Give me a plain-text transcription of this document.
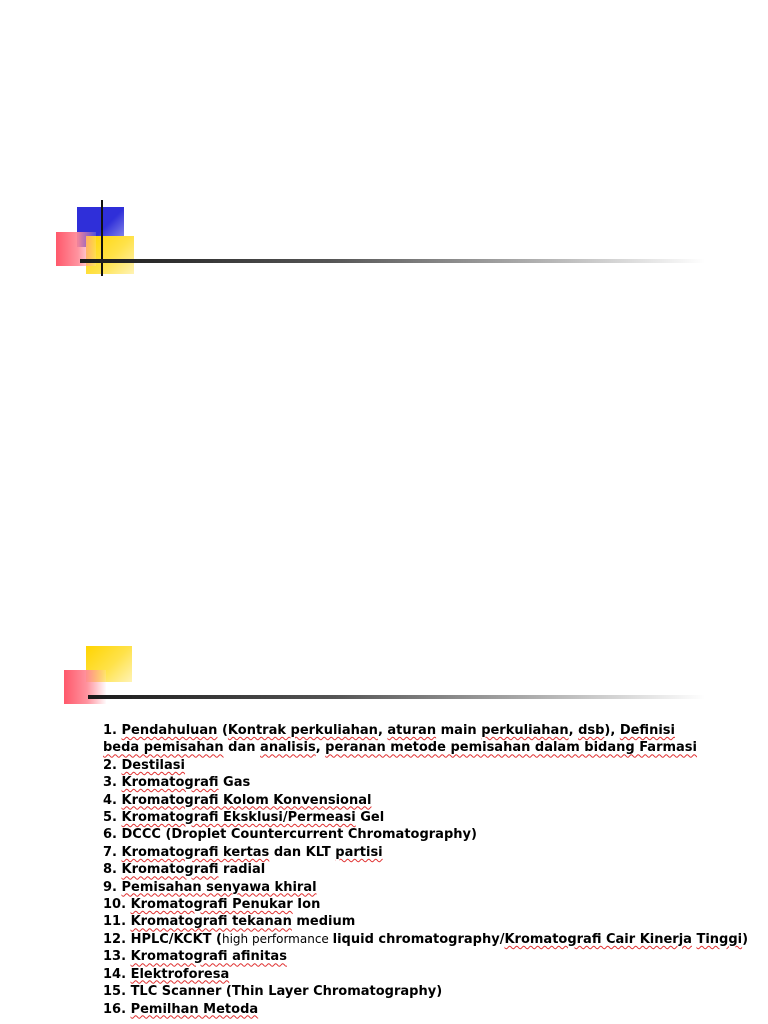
1. Pendahuluan (Kontrak perkuliahan, aturan main perkuliahan, dsb), Definisi beda pemisahan dan analisis, peranan metode pemisahan dalam bidang Farmasi
2. Destilasi
3. Kromatografi Gas
4. Kromatografi Kolom Konvensional
5. Kromatografi Eksklusi/Permeasi Gel
6. DCCC (Droplet Countercurrent Chromatography)
7. Kromatografi kertas dan KLT partisi
8. Kromatografi radial
9. Pemisahan senyawa khiral
10. Kromatografi Penukar Ion
11. Kromatografi tekanan medium
12. HPLC/KCKT (high performance liquid chromatography/Kromatografi Cair Kinerja Tinggi)
13. Kromatografi afinitas
14. Elektroforesa
15. TLC Scanner (Thin Layer Chromatography)
16. Pemilhan Metoda
